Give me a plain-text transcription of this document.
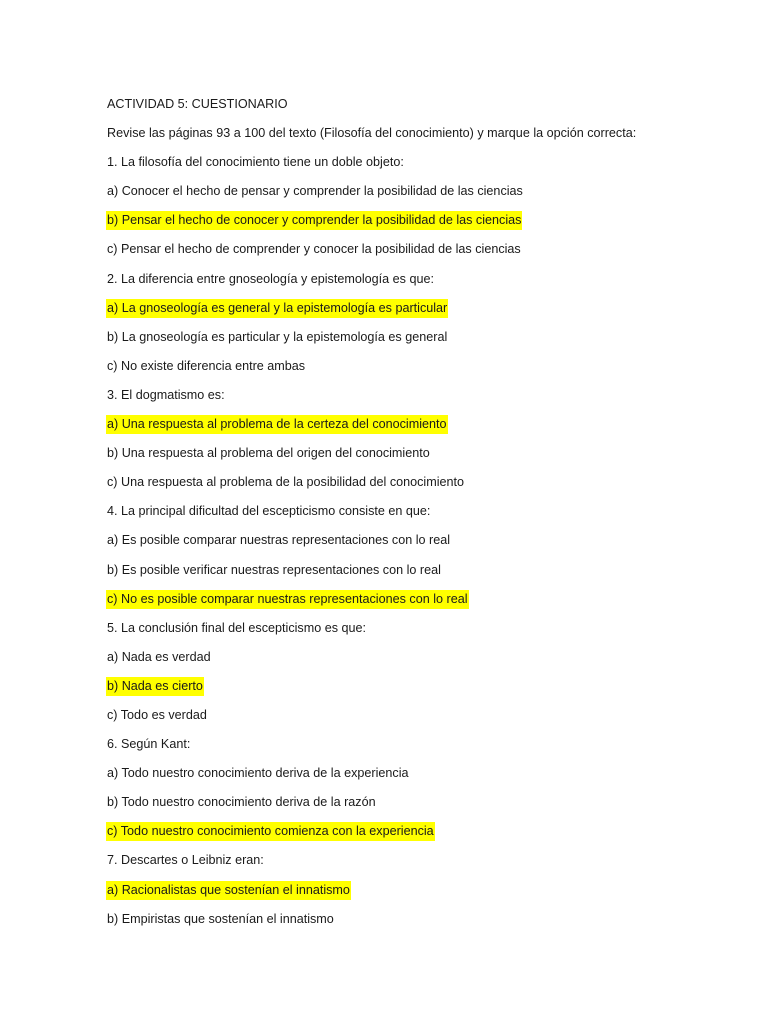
ACTIVIDAD 5: CUESTIONARIO
Revise las páginas 93 a 100 del texto (Filosofía del conocimiento) y marque la opción correcta:
1. La filosofía del conocimiento tiene un doble objeto:
a) Conocer el hecho de pensar y comprender la posibilidad de las ciencias
b) Pensar el hecho de conocer y comprender la posibilidad de las ciencias
c) Pensar el hecho de comprender y conocer la posibilidad de las ciencias
2. La diferencia entre gnoseología y epistemología es que:
a) La gnoseología es general y la epistemología es particular
b) La gnoseología es particular y la epistemología es general
c) No existe diferencia entre ambas
3. El dogmatismo es:
a) Una respuesta al problema de la certeza del conocimiento
b) Una respuesta al problema del origen del conocimiento
c) Una respuesta al problema de la posibilidad del conocimiento
4. La principal dificultad del escepticismo consiste en que:
a) Es posible comparar nuestras representaciones con lo real
b) Es posible verificar nuestras representaciones con lo real
c) No es posible comparar nuestras representaciones con lo real
5. La conclusión final del escepticismo es que:
a) Nada es verdad
b) Nada es cierto
c) Todo es verdad
6. Según Kant:
a) Todo nuestro conocimiento deriva de la experiencia
b) Todo nuestro conocimiento deriva de la razón
c) Todo nuestro conocimiento comienza con la experiencia
7. Descartes o Leibniz eran:
a) Racionalistas que sostenían el innatismo
b) Empiristas que sostenían el innatismo
